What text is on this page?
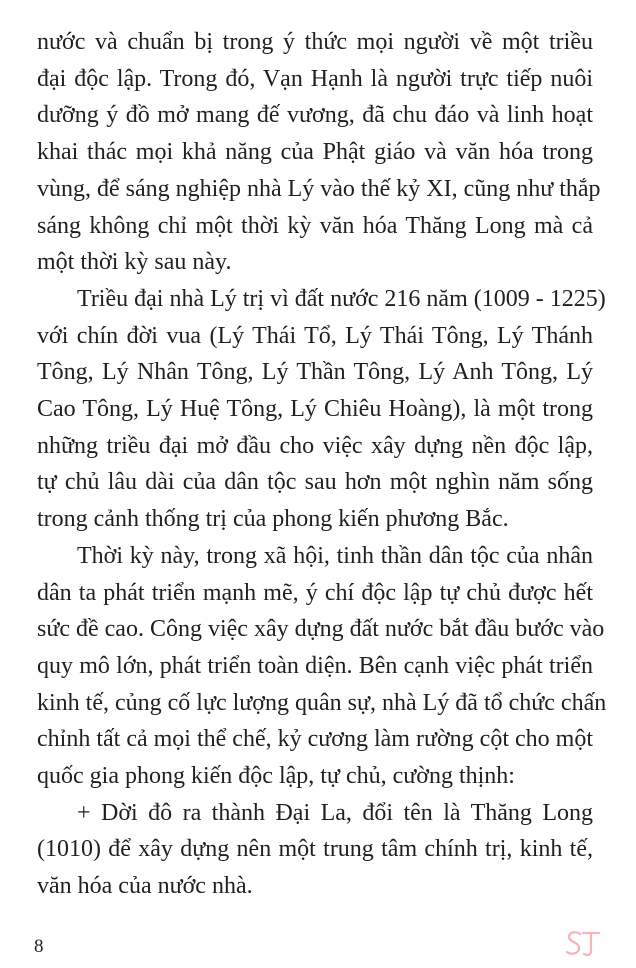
nước và chuẩn bị trong ý thức mọi người về một triều
đại độc lập. Trong đó, Vạn Hạnh là người trực tiếp nuôi
dưỡng ý đồ mở mang đế vương, đã chu đáo và linh hoạt
khai thác mọi khả năng của Phật giáo và văn hóa trong
vùng, để sáng nghiệp nhà Lý vào thế kỷ XI, cũng như thắp
sáng không chỉ một thời kỳ văn hóa Thăng Long mà cả
một thời kỳ sau này.
Triều đại nhà Lý trị vì đất nước 216 năm (1009 - 1225)
với chín đời vua (Lý Thái Tổ, Lý Thái Tông, Lý Thánh
Tông, Lý Nhân Tông, Lý Thần Tông, Lý Anh Tông, Lý
Cao Tông, Lý Huệ Tông, Lý Chiêu Hoàng), là một trong
những triều đại mở đầu cho việc xây dựng nền độc lập,
tự chủ lâu dài của dân tộc sau hơn một nghìn năm sống
trong cảnh thống trị của phong kiến phương Bắc.
Thời kỳ này, trong xã hội, tinh thần dân tộc của nhân
dân ta phát triển mạnh mẽ, ý chí độc lập tự chủ được hết
sức đề cao. Công việc xây dựng đất nước bắt đầu bước vào
quy mô lớn, phát triển toàn diện. Bên cạnh việc phát triển
kinh tế, củng cố lực lượng quân sự, nhà Lý đã tổ chức chấn
chỉnh tất cả mọi thể chế, kỷ cương làm rường cột cho một
quốc gia phong kiến độc lập, tự chủ, cường thịnh:
+ Dời đô ra thành Đại La, đổi tên là Thăng Long
(1010) để xây dựng nên một trung tâm chính trị, kinh tế,
văn hóa của nước nhà.
8
